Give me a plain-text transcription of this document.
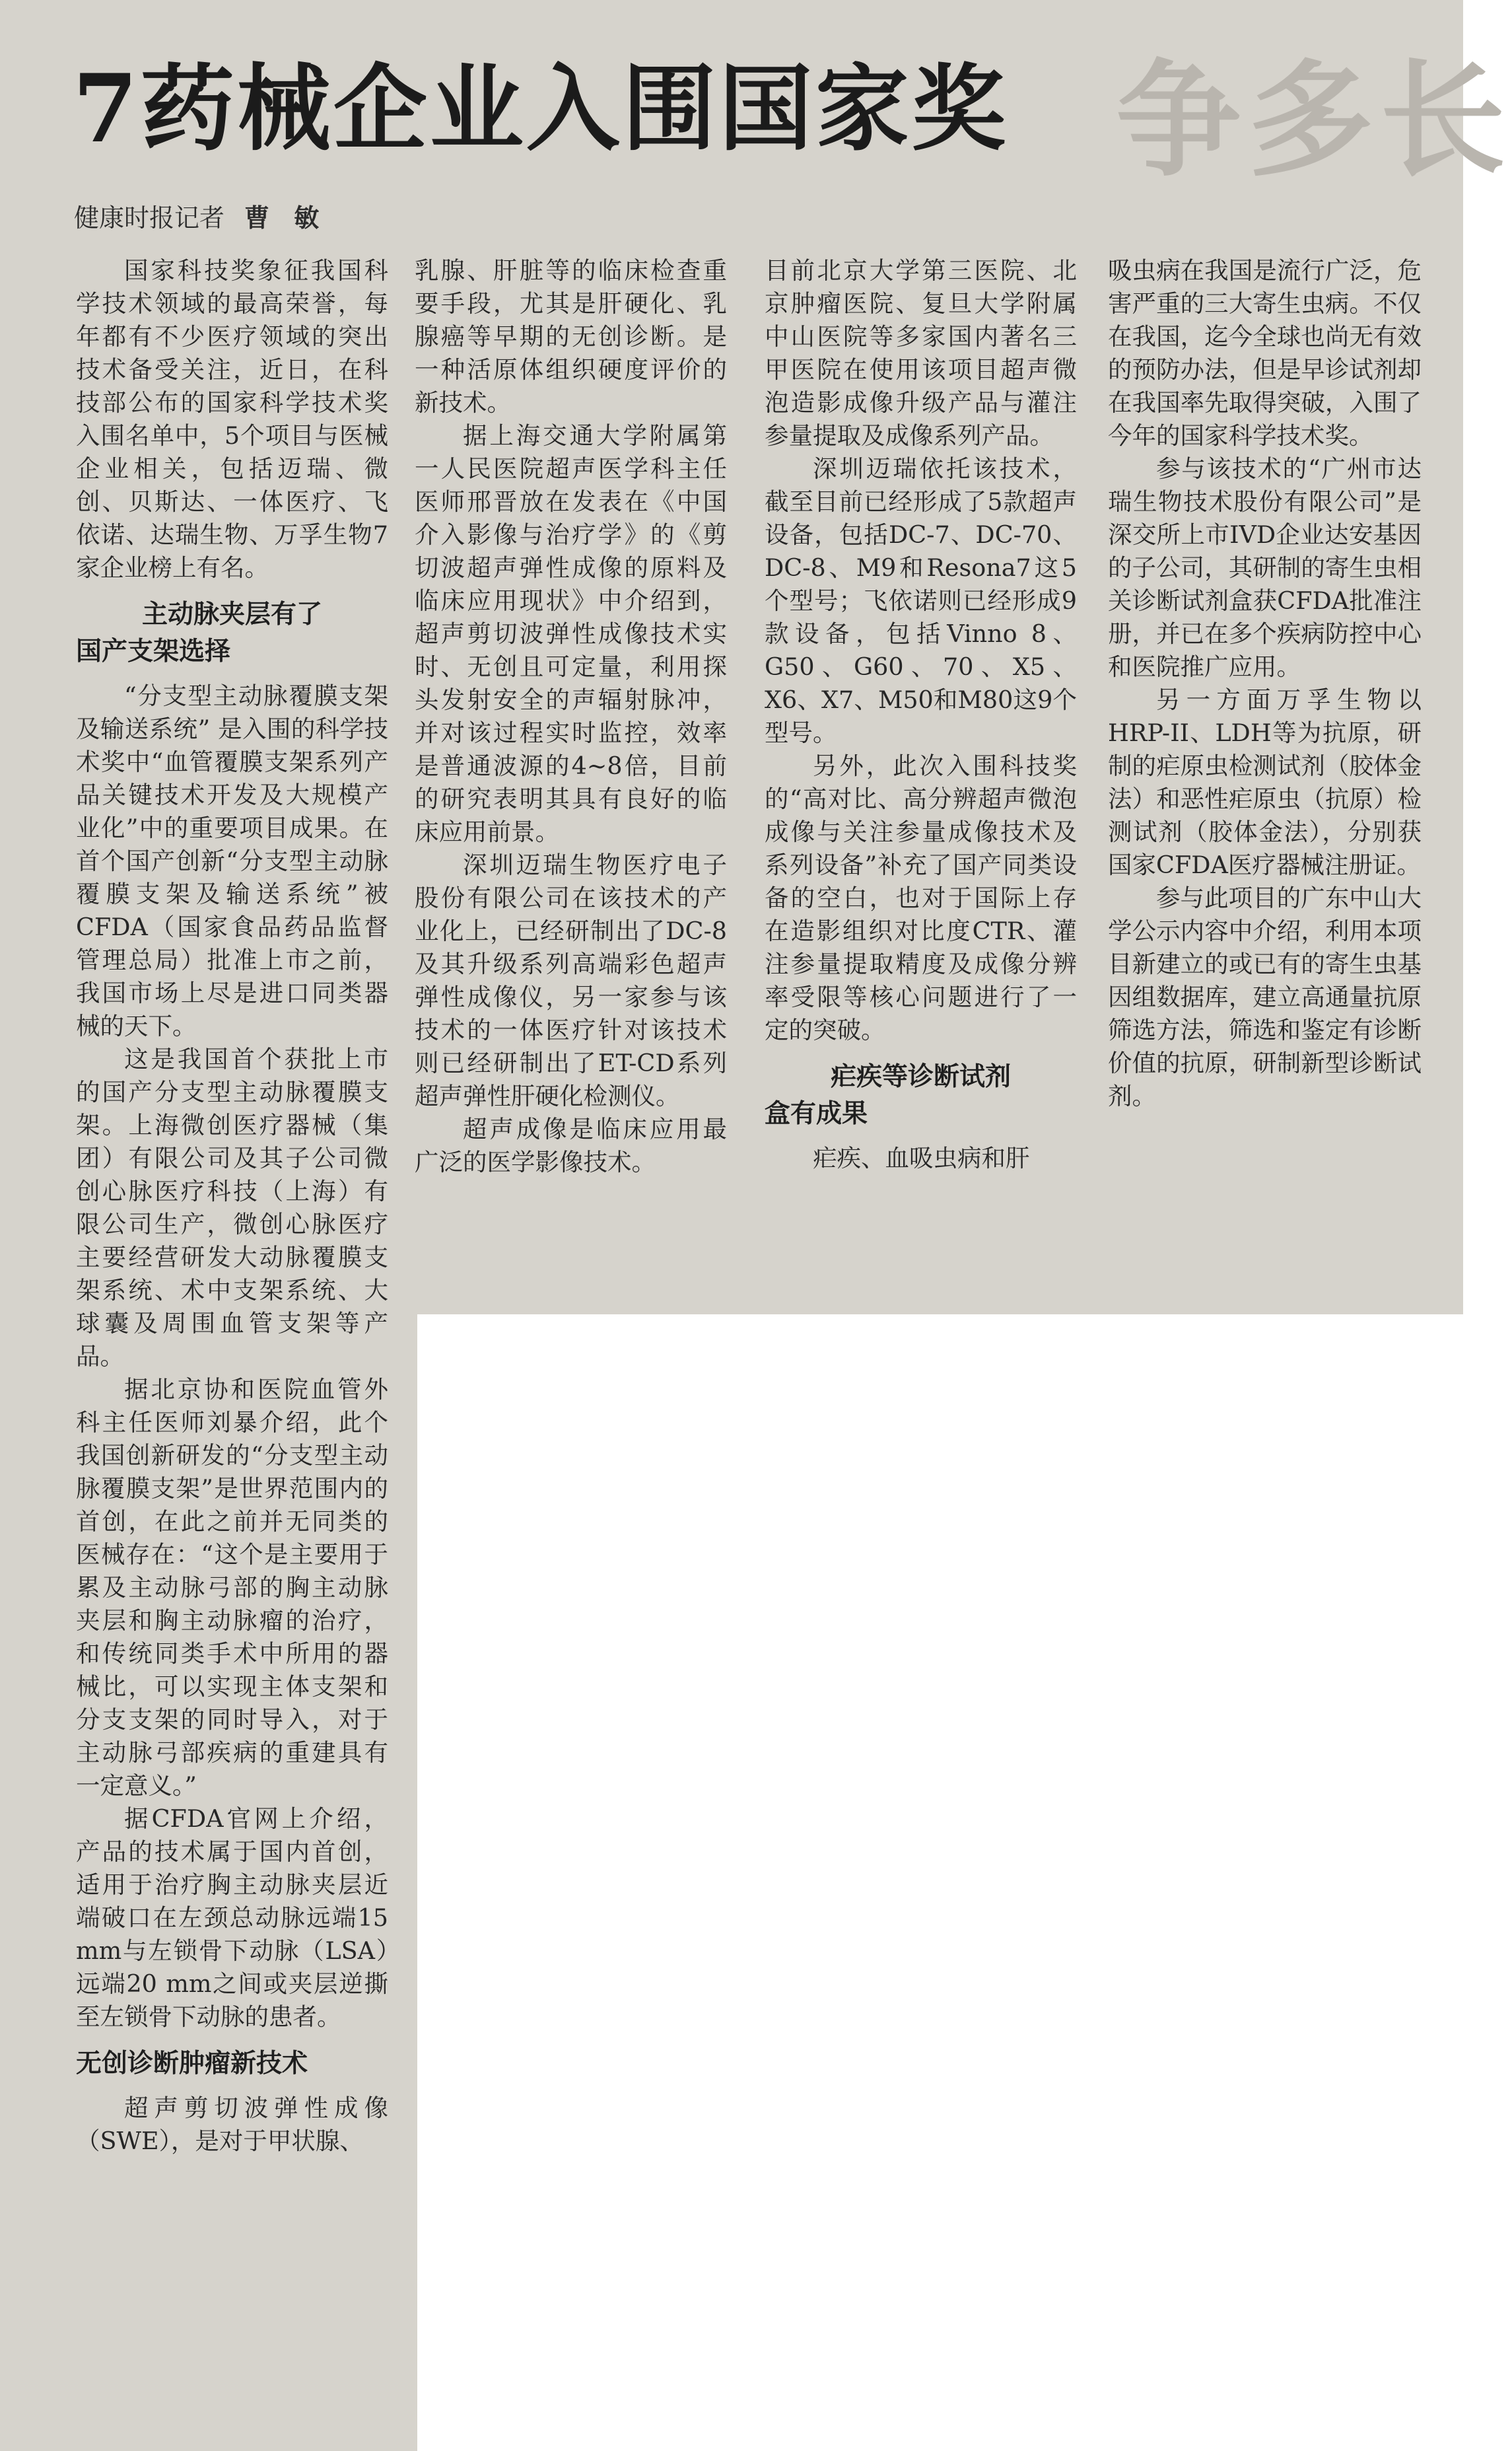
争多长
7药械企业入围国家奖
健康时报记者 曹 敏

国家科技奖象征我国科学技术领域的最高荣誉，每年都有不少医疗领域的突出技术备受关注，近日，在科技部公布的国家科学技术奖入围名单中，5个项目与医械企业相关，包括迈瑞、微创、贝斯达、一体医疗、飞依诺、达瑞生物、万孚生物7家企业榜上有名。

主动脉夹层有了
国产支架选择

“分支型主动脉覆膜支架及输送系统” 是入围的科学技术奖中“血管覆膜支架系列产品关键技术开发及大规模产业化”中的重要项目成果。在首个国产创新“分支型主动脉覆膜支架及输送系统”被CFDA（国家食品药品监督管理总局）批准上市之前，我国市场上尽是进口同类器械的天下。

这是我国首个获批上市的国产分支型主动脉覆膜支架。上海微创医疗器械（集团）有限公司及其子公司微创心脉医疗科技（上海）有限公司生产，微创心脉医疗主要经营研发大动脉覆膜支架系统、术中支架系统、大球囊及周围血管支架等产品。

据北京协和医院血管外科主任医师刘暴介绍，此个我国创新研发的“分支型主动脉覆膜支架”是世界范围内的首创，在此之前并无同类的医械存在：“这个是主要用于累及主动脉弓部的胸主动脉夹层和胸主动脉瘤的治疗，和传统同类手术中所用的器械比，可以实现主体支架和分支支架的同时导入，对于主动脉弓部疾病的重建具有一定意义。”

据CFDA官网上介绍，产品的技术属于国内首创，适用于治疗胸主动脉夹层近端破口在左颈总动脉远端15 mm与左锁骨下动脉（LSA）远端20 mm之间或夹层逆撕至左锁骨下动脉的患者。

无创诊断肿瘤新技术

超声剪切波弹性成像（SWE），是对于甲状腺、

乳腺、肝脏等的临床检查重要手段，尤其是肝硬化、乳腺癌等早期的无创诊断。是一种活原体组织硬度评价的新技术。

据上海交通大学附属第一人民医院超声医学科主任医师邢晋放在发表在《中国介入影像与治疗学》的《剪切波超声弹性成像的原料及临床应用现状》中介绍到，超声剪切波弹性成像技术实时、无创且可定量，利用探头发射安全的声辐射脉冲，并对该过程实时监控，效率是普通波源的4~8倍，目前的研究表明其具有良好的临床应用前景。

深圳迈瑞生物医疗电子股份有限公司在该技术的产业化上，已经研制出了DC-8及其升级系列高端彩色超声弹性成像仪，另一家参与该技术的一体医疗针对该技术则已经研制出了ET-CD系列超声弹性肝硬化检测仪。

超声成像是临床应用最广泛的医学影像技术。

目前北京大学第三医院、北京肿瘤医院、复旦大学附属中山医院等多家国内著名三甲医院在使用该项目超声微泡造影成像升级产品与灌注参量提取及成像系列产品。

深圳迈瑞依托该技术，截至目前已经形成了5款超声设备，包括DC-7、DC-70、DC-8、M9和Resona7这5个型号；飞依诺则已经形成9款设备，包括Vinno 8、G50、G60、70、X5、X6、X7、M50和M80这9个型号。

另外，此次入围科技奖的“高对比、高分辨超声微泡成像与关注参量成像技术及系列设备”补充了国产同类设备的空白，也对于国际上存在造影组织对比度CTR、灌注参量提取精度及成像分辨率受限等核心问题进行了一定的突破。

疟疾等诊断试剂
盒有成果

疟疾、血吸虫病和肝

吸虫病在我国是流行广泛，危害严重的三大寄生虫病。不仅在我国，迄今全球也尚无有效的预防办法，但是早诊试剂却在我国率先取得突破，入围了今年的国家科学技术奖。

参与该技术的“广州市达瑞生物技术股份有限公司”是深交所上市IVD企业达安基因的子公司，其研制的寄生虫相关诊断试剂盒获CFDA批准注册，并已在多个疾病防控中心和医院推广应用。

另一方面万孚生物以HRP-II、LDH等为抗原，研制的疟原虫检测试剂（胶体金法）和恶性疟原虫（抗原）检测试剂（胶体金法），分别获国家CFDA医疗器械注册证。

参与此项目的广东中山大学公示内容中介绍，利用本项目新建立的或已有的寄生虫基因组数据库，建立高通量抗原筛选方法，筛选和鉴定有诊断价值的抗原，研制新型诊断试剂。
